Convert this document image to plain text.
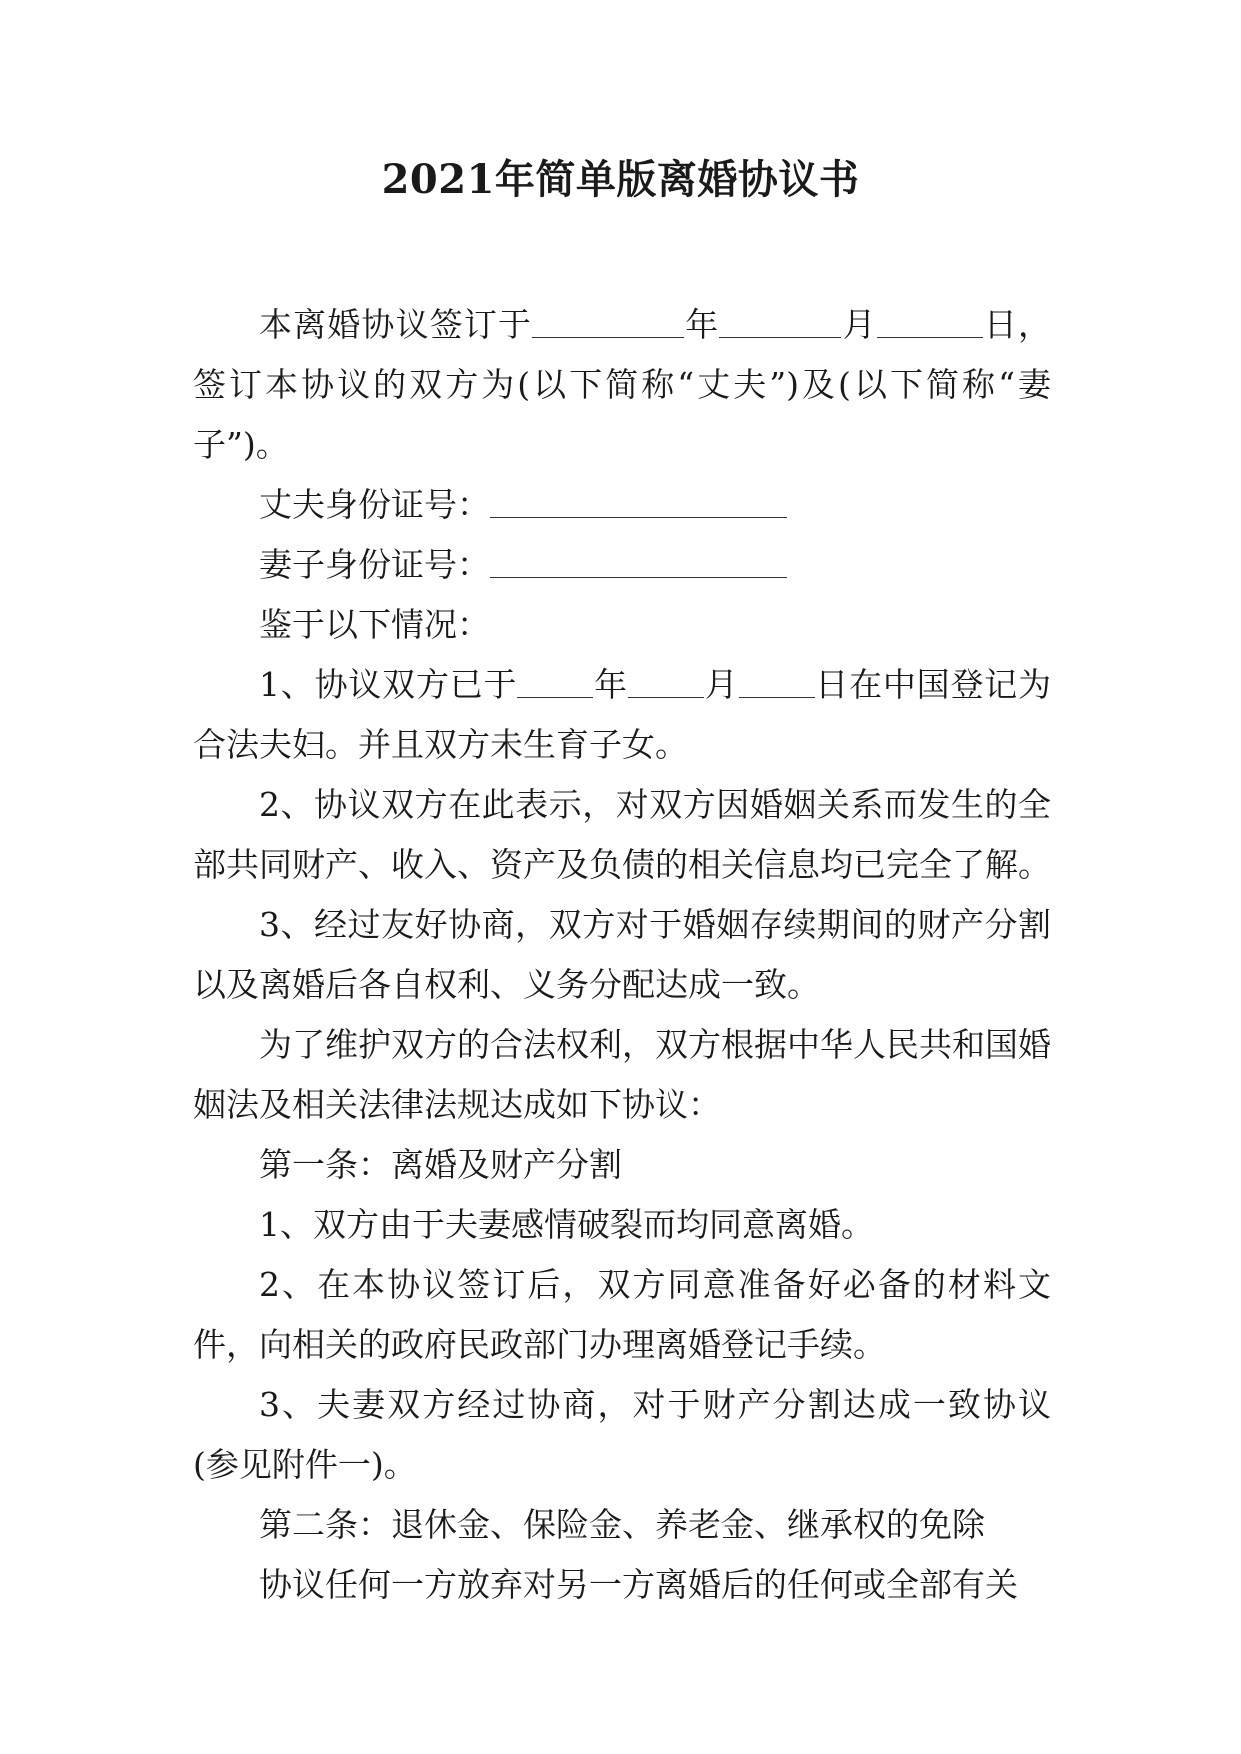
2021年简单版离婚协议书

本离婚协议签订于	年	月	日，签订本协议的双方为(以下简称“丈夫”)及(以下简称“妻子”)。

丈夫身份证号：

妻子身份证号：

鉴于以下情况：

1、协议双方已于 年 月 日在中国登记为合法夫妇。并且双方未生育子女。

2、协议双方在此表示，对双方因婚姻关系而发生的全部共同财产、收入、资产及负债的相关信息均已完全了解。

3、经过友好协商，双方对于婚姻存续期间的财产分割以及离婚后各自权利、义务分配达成一致。

为了维护双方的合法权利，双方根据中华人民共和国婚姻法及相关法律法规达成如下协议：

第一条：离婚及财产分割

1、双方由于夫妻感情破裂而均同意离婚。

2、在本协议签订后，双方同意准备好必备的材料文件，向相关的政府民政部门办理离婚登记手续。

3、夫妻双方经过协商，对于财产分割达成一致协议(参见附件一)。

第二条：退休金、保险金、养老金、继承权的免除

协议任何一方放弃对另一方离婚后的任何或全部有关
